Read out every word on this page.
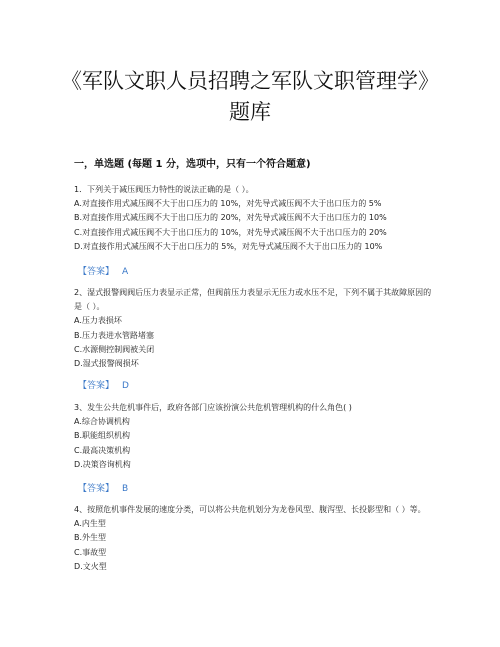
《军队文职人员招聘之军队文职管理学》题库
一，单选题 (每题 1 分，选项中，只有一个符合题意)

1．下列关于减压阀压力特性的说法正确的是（ ）。

A.对直接作用式减压阀不大于出口压力的 10%，对先导式减压阀不大于出口压力的 5%

B.对直接作用式减压阀不大于出口压力的 20%，对先导式减压阀不大于出口压力的 10%

C.对直接作用式减压阀不大于出口压力的 10%，对先导式减压阀不大于出口压力的 20%

D.对直接作用式减压阀不大于出口压力的 5%，对先导式减压阀不大于出口压力的 10%

【答案】 A

2、湿式报警阀阀后压力表显示正常，但阀前压力表显示无压力或水压不足，下列不属于其故障原因的是（ ）。

A.压力表损坏

B.压力表进水管路堵塞

C.水源侧控制阀被关闭

D.湿式报警阀损坏

【答案】 D

3、发生公共危机事件后，政府各部门应该扮演公共危机管理机构的什么角色( )

A.综合协调机构

B.职能组织机构

C.最高决策机构

D.决策咨询机构

【答案】 B

4、按照危机事件发展的速度分类，可以将公共危机划分为龙卷风型、腹泻型、长投影型和（ ）等。

A.内生型

B.外生型

C.事故型

D.文火型
